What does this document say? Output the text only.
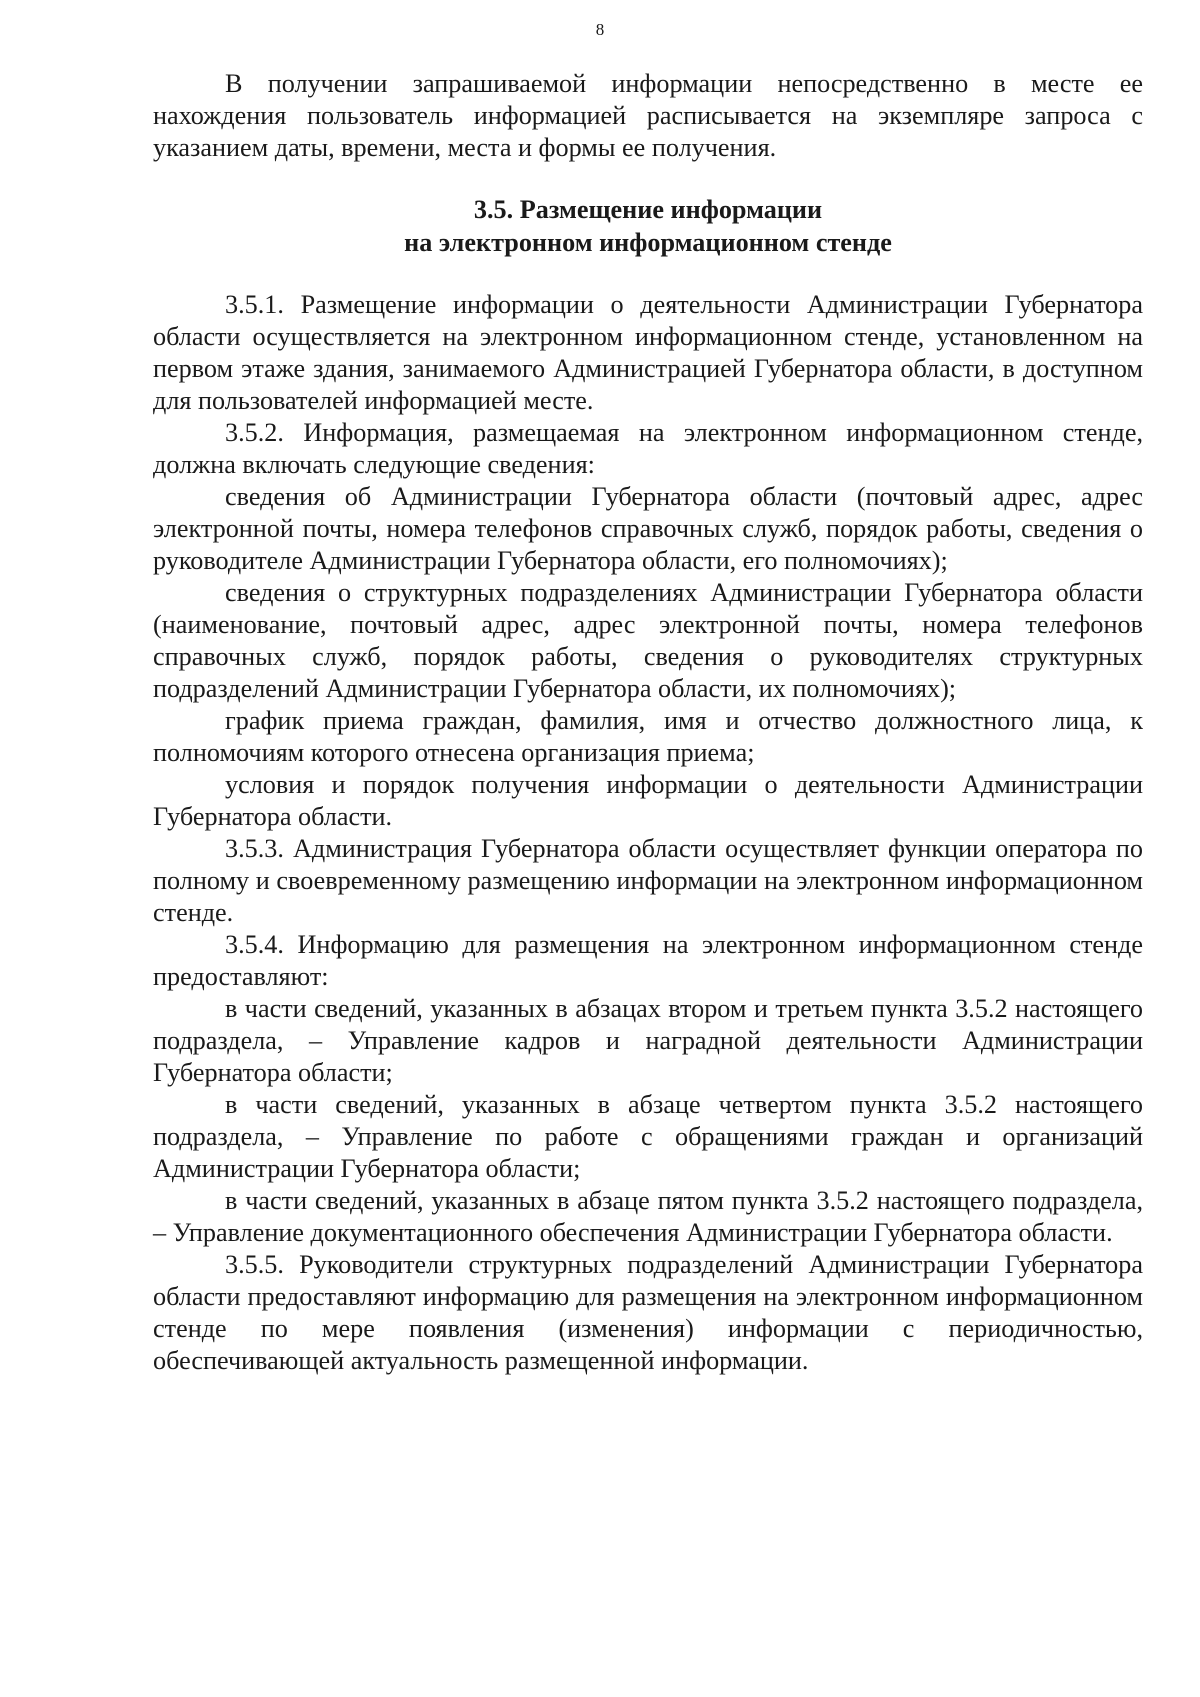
8

В получении запрашиваемой информации непосредственно в месте ее нахождения пользователь информацией расписывается на экземпляре запроса с указанием даты, времени, места и формы ее получения.

3.5. Размещение информации
на электронном информационном стенде

3.5.1. Размещение информации о деятельности Администрации Губернатора области осуществляется на электронном информационном стенде, установленном на первом этаже здания, занимаемого Администрацией Губернатора области, в доступном для пользователей информацией месте.

3.5.2. Информация, размещаемая на электронном информационном стенде, должна включать следующие сведения:

сведения об Администрации Губернатора области (почтовый адрес, адрес электронной почты, номера телефонов справочных служб, порядок работы, сведения о руководителе Администрации Губернатора области, его полномочиях);

сведения о структурных подразделениях Администрации Губернатора области (наименование, почтовый адрес, адрес электронной почты, номера телефонов справочных служб, порядок работы, сведения о руководителях структурных подразделений Администрации Губернатора области, их полномочиях);

график приема граждан, фамилия, имя и отчество должностного лица, к полномочиям которого отнесена организация приема;

условия и порядок получения информации о деятельности Администрации Губернатора области.

3.5.3. Администрация Губернатора области осуществляет функции оператора по полному и своевременному размещению информации на электронном информационном стенде.

3.5.4. Информацию для размещения на электронном информационном стенде предоставляют:

в части сведений, указанных в абзацах втором и третьем пункта 3.5.2 настоящего подраздела, – Управление кадров и наградной деятельности Администрации Губернатора области;

в части сведений, указанных в абзаце четвертом пункта 3.5.2 настоящего подраздела, – Управление по работе с обращениями граждан и организаций Администрации Губернатора области;

в части сведений, указанных в абзаце пятом пункта 3.5.2 настоящего подраздела, – Управление документационного обеспечения Администрации Губернатора области.

3.5.5. Руководители структурных подразделений Администрации Губернатора области предоставляют информацию для размещения на электронном информационном стенде по мере появления (изменения) информации с периодичностью, обеспечивающей актуальность размещенной информации.
